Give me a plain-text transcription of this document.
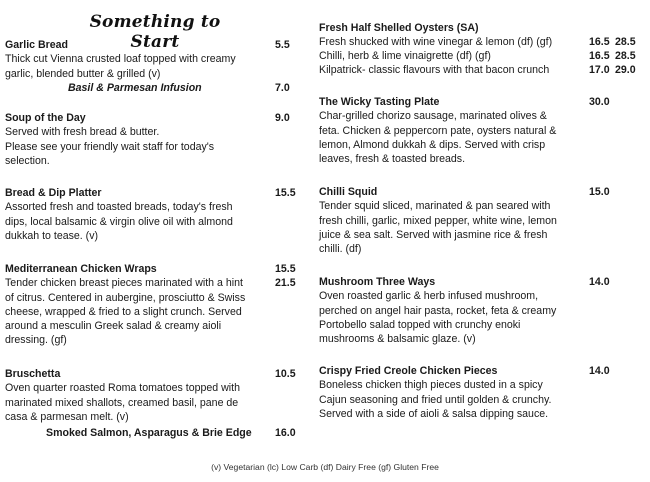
Something to Start
Garlic Bread
Thick cut Vienna crusted loaf topped with creamy
garlic, blended butter & grilled (v)
5.5
Basil & Parmesan Infusion	7.0
Soup of the Day
Served with fresh bread & butter.
Please see your friendly wait staff for today's
selection.
9.0
Bread & Dip Platter
Assorted fresh and toasted breads, today's fresh
dips, local balsamic & virgin olive oil with almond
dukkah to tease. (v)
15.5
Mediterranean Chicken Wraps
Tender chicken breast pieces marinated with a hint
of citrus. Centered in aubergine, prosciutto & Swiss
cheese, wrapped & fried to a slight crunch. Served
around a mesculin Greek salad & creamy aioli
dressing. (gf)
15.5
21.5
Bruschetta
Oven quarter roasted Roma tomatoes topped with
marinated mixed shallots, creamed basil, pane de
casa & parmesan melt. (v)
10.5
Smoked Salmon, Asparagus & Brie Edge 16.0
Fresh Half Shelled Oysters (SA)
Fresh shucked with wine vinegar & lemon (df) (gf)	16.5 28.5
Chilli, herb & lime vinaigrette (df) (gf)	16.5 28.5
Kilpatrick- classic flavours with that bacon crunch	17.0 29.0
The Wicky Tasting Plate
Char-grilled chorizo sausage, marinated olives &
feta. Chicken & peppercorn pate, oysters natural &
lemon, Almond dukkah & dips. Served with crisp
leaves, fresh & toasted breads.
30.0
Chilli Squid
Tender squid sliced, marinated & pan seared with
fresh chilli, garlic, mixed pepper, white wine, lemon
juice & sea salt. Served with jasmine rice & fresh
chilli. (df)
15.0
Mushroom Three Ways
Oven roasted garlic & herb infused mushroom,
perched on angel hair pasta, rocket, feta & creamy
Portobello salad topped with crunchy enoki
mushrooms & balsamic glaze. (v)
14.0
Crispy Fried Creole Chicken Pieces
Boneless chicken thigh pieces dusted in a spicy
Cajun seasoning and fried until golden & crunchy.
Served with a side of aioli & salsa dipping sauce.
14.0
(v) Vegetarian (lc) Low Carb (df) Dairy Free (gf) Gluten Free
